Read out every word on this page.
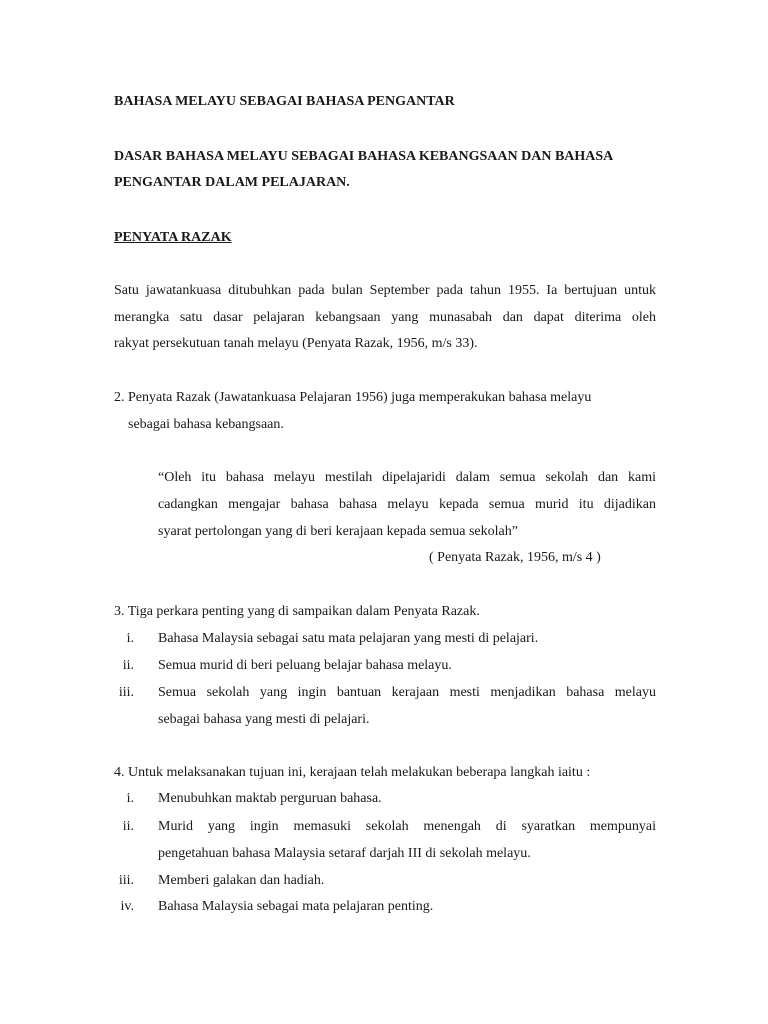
BAHASA MELAYU SEBAGAI BAHASA PENGANTAR
DASAR BAHASA MELAYU SEBAGAI BAHASA KEBANGSAAN DAN BAHASA
PENGANTAR DALAM PELAJARAN.
PENYATA RAZAK
Satu jawatankuasa ditubuhkan pada bulan September pada tahun 1955. Ia bertujuan untuk
merangka satu dasar pelajaran kebangsaan yang munasabah dan dapat diterima oleh
rakyat persekutuan tanah melayu (Penyata Razak, 1956, m/s 33).
2. Penyata Razak (Jawatankuasa Pelajaran 1956) juga memperakukan bahasa melayu
sebagai bahasa kebangsaan.
“Oleh itu bahasa melayu mestilah dipelajaridi dalam semua sekolah dan kami
cadangkan mengajar bahasa bahasa melayu kepada semua murid itu dijadikan
syarat pertolongan yang di beri kerajaan kepada semua sekolah”
( Penyata Razak, 1956, m/s 4 )
3. Tiga perkara penting yang di sampaikan dalam Penyata Razak.
i. Bahasa Malaysia sebagai satu mata pelajaran yang mesti di pelajari.
ii. Semua murid di beri peluang belajar bahasa melayu.
iii. Semua sekolah yang ingin bantuan kerajaan mesti menjadikan bahasa melayu
sebagai bahasa yang mesti di pelajari.
4. Untuk melaksanakan tujuan ini, kerajaan telah melakukan beberapa langkah iaitu :
i. Menubuhkan maktab perguruan bahasa.
ii. Murid yang ingin memasuki sekolah menengah di syaratkan mempunyai
pengetahuan bahasa Malaysia setaraf darjah III di sekolah melayu.
iii. Memberi galakan dan hadiah.
iv. Bahasa Malaysia sebagai mata pelajaran penting.
